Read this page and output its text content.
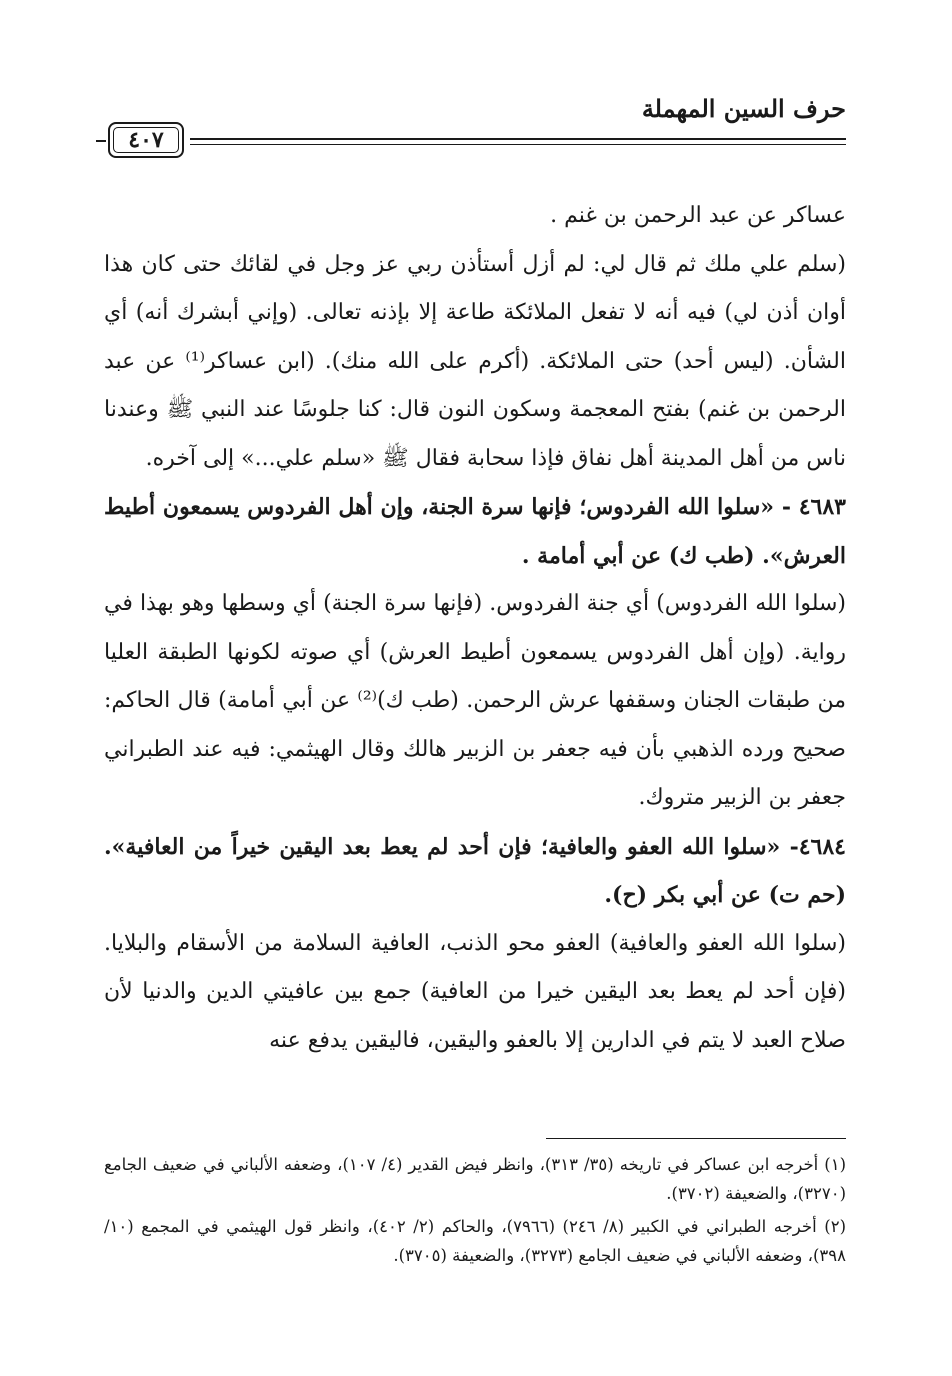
حرف السين المهملة
٤٠٧

عساكر عن عبد الرحمن بن غنم .

(سلم علي ملك ثم قال لي: لم أزل أستأذن ربي عز وجل في لقائك حتى كان هذا أوان أذن لي) فيه أنه لا تفعل الملائكة طاعة إلا بإذنه تعالى. (وإني أبشرك أنه) أي الشأن. (ليس أحد) حتى الملائكة. (أكرم على الله منك). (ابن عساكر⁽¹⁾ عن عبد الرحمن بن غنم) بفتح المعجمة وسكون النون قال: كنا جلوسًا عند النبي ﷺ وعندنا ناس من أهل المدينة أهل نفاق فإذا سحابة فقال ﷺ «سلم علي...» إلى آخره.

٤٦٨٣ - «سلوا الله الفردوس؛ فإنها سرة الجنة، وإن أهل الفردوس يسمعون أطيط العرش». (طب ك) عن أبي أمامة .

(سلوا الله الفردوس) أي جنة الفردوس. (فإنها سرة الجنة) أي وسطها وهو بهذا في رواية. (وإن أهل الفردوس يسمعون أطيط العرش) أي صوته لكونها الطبقة العليا من طبقات الجنان وسقفها عرش الرحمن. (طب ك)⁽²⁾ عن أبي أمامة) قال الحاكم: صحيح ورده الذهبي بأن فيه جعفر بن الزبير هالك وقال الهيثمي: فيه عند الطبراني جعفر بن الزبير متروك.

٤٦٨٤- «سلوا الله العفو والعافية؛ فإن أحد لم يعط بعد اليقين خيراً من العافية». (حم ت) عن أبي بكر (ح).

(سلوا الله العفو والعافية) العفو محو الذنب، العافية السلامة من الأسقام والبلايا. (فإن أحد لم يعط بعد اليقين خيرا من العافية) جمع بين عافيتي الدين والدنيا لأن صلاح العبد لا يتم في الدارين إلا بالعفو واليقين، فاليقين يدفع عنه

(١) أخرجه ابن عساكر في تاريخه (٣٥/ ٣١٣)، وانظر فيض القدير (٤/ ١٠٧)، وضعفه الألباني في ضعيف الجامع (٣٢٧٠)، والضعيفة (٣٧٠٢).

(٢) أخرجه الطبراني في الكبير (٨/ ٢٤٦) (٧٩٦٦)، والحاكم (٢/ ٤٠٢)، وانظر قول الهيثمي في المجمع (١٠/ ٣٩٨)، وضعفه الألباني في ضعيف الجامع (٣٢٧٣)، والضعيفة (٣٧٠٥).
